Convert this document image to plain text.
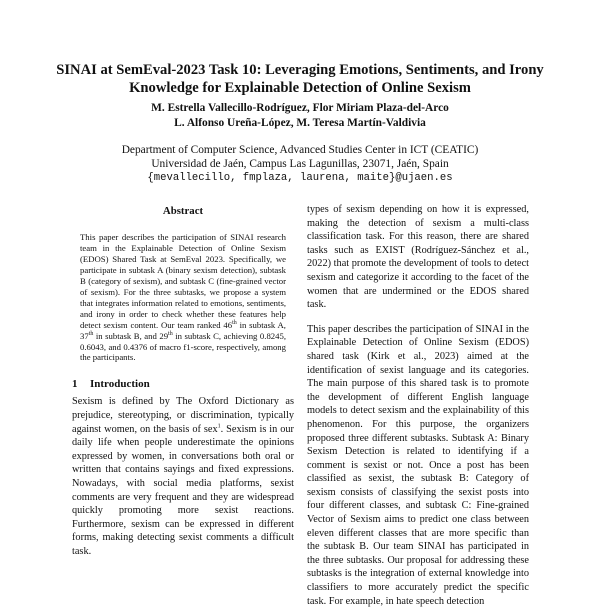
SINAI at SemEval-2023 Task 10: Leveraging Emotions, Sentiments, and Irony Knowledge for Explainable Detection of Online Sexism
M. Estrella Vallecillo-Rodríguez, Flor Miriam Plaza-del-Arco
L. Alfonso Ureña-López, M. Teresa Martín-Valdivia
Department of Computer Science, Advanced Studies Center in ICT (CEATIC)
Universidad de Jaén, Campus Las Lagunillas, 23071, Jaén, Spain
{mevallecillo, fmplaza, laurena, maite}@ujaen.es
Abstract
This paper describes the participation of SINAI research team in the Explainable Detection of Online Sexism (EDOS) Shared Task at SemEval 2023. Specifically, we participate in subtask A (binary sexism detection), subtask B (category of sexism), and subtask C (fine-grained vector of sexism). For the three subtasks, we propose a system that integrates information related to emotions, sentiments, and irony in order to check whether these features help detect sexism content. Our team ranked 46th in subtask A, 37th in subtask B, and 29th in subtask C, achieving 0.8245, 0.6043, and 0.4376 of macro f1-score, respectively, among the participants.
1 Introduction

Sexism is defined by The Oxford Dictionary as prejudice, stereotyping, or discrimination, typically against women, on the basis of sex$^1$. Sexism is in our daily life when people underestimate the opinions expressed by women, in conversations both oral or written that contains sayings and fixed expressions. Nowadays, with social media platforms, sexist comments are very frequent and they are widespread quickly promoting more sexist reactions. Furthermore, sexism can be expressed in different forms, making detecting sexist comments a difficult task.

types of sexism depending on how it is expressed, making the detection of sexism a multi-class classification task. For this reason, there are shared tasks such as EXIST (Rodríguez-Sánchez et al., 2022) that promote the development of tools to detect sexism and categorize it according to the facet of the women that are undermined or the EDOS shared task.

This paper describes the participation of SINAI in the Explainable Detection of Online Sexism (EDOS) shared task (Kirk et al., 2023) aimed at the identification of sexist language and its categories. The main purpose of this shared task is to promote the development of different English language models to detect sexism and the explainability of this phenomenon. For this purpose, the organizers proposed three different subtasks. Subtask A: Binary Sexism Detection is related to identifying if a comment is sexist or not. Once a post has been classified as sexist, the subtask B: Category of sexism consists of classifying the sexist posts into four different classes, and subtask C: Fine-grained Vector of Sexism aims to predict one class between eleven different classes that are more specific than the subtask B. Our team SINAI has participated in the three subtasks. Our proposal for addressing these subtasks is the integration of external knowledge into classifiers to more accurately predict the specific task. For example, in hate speech detection
